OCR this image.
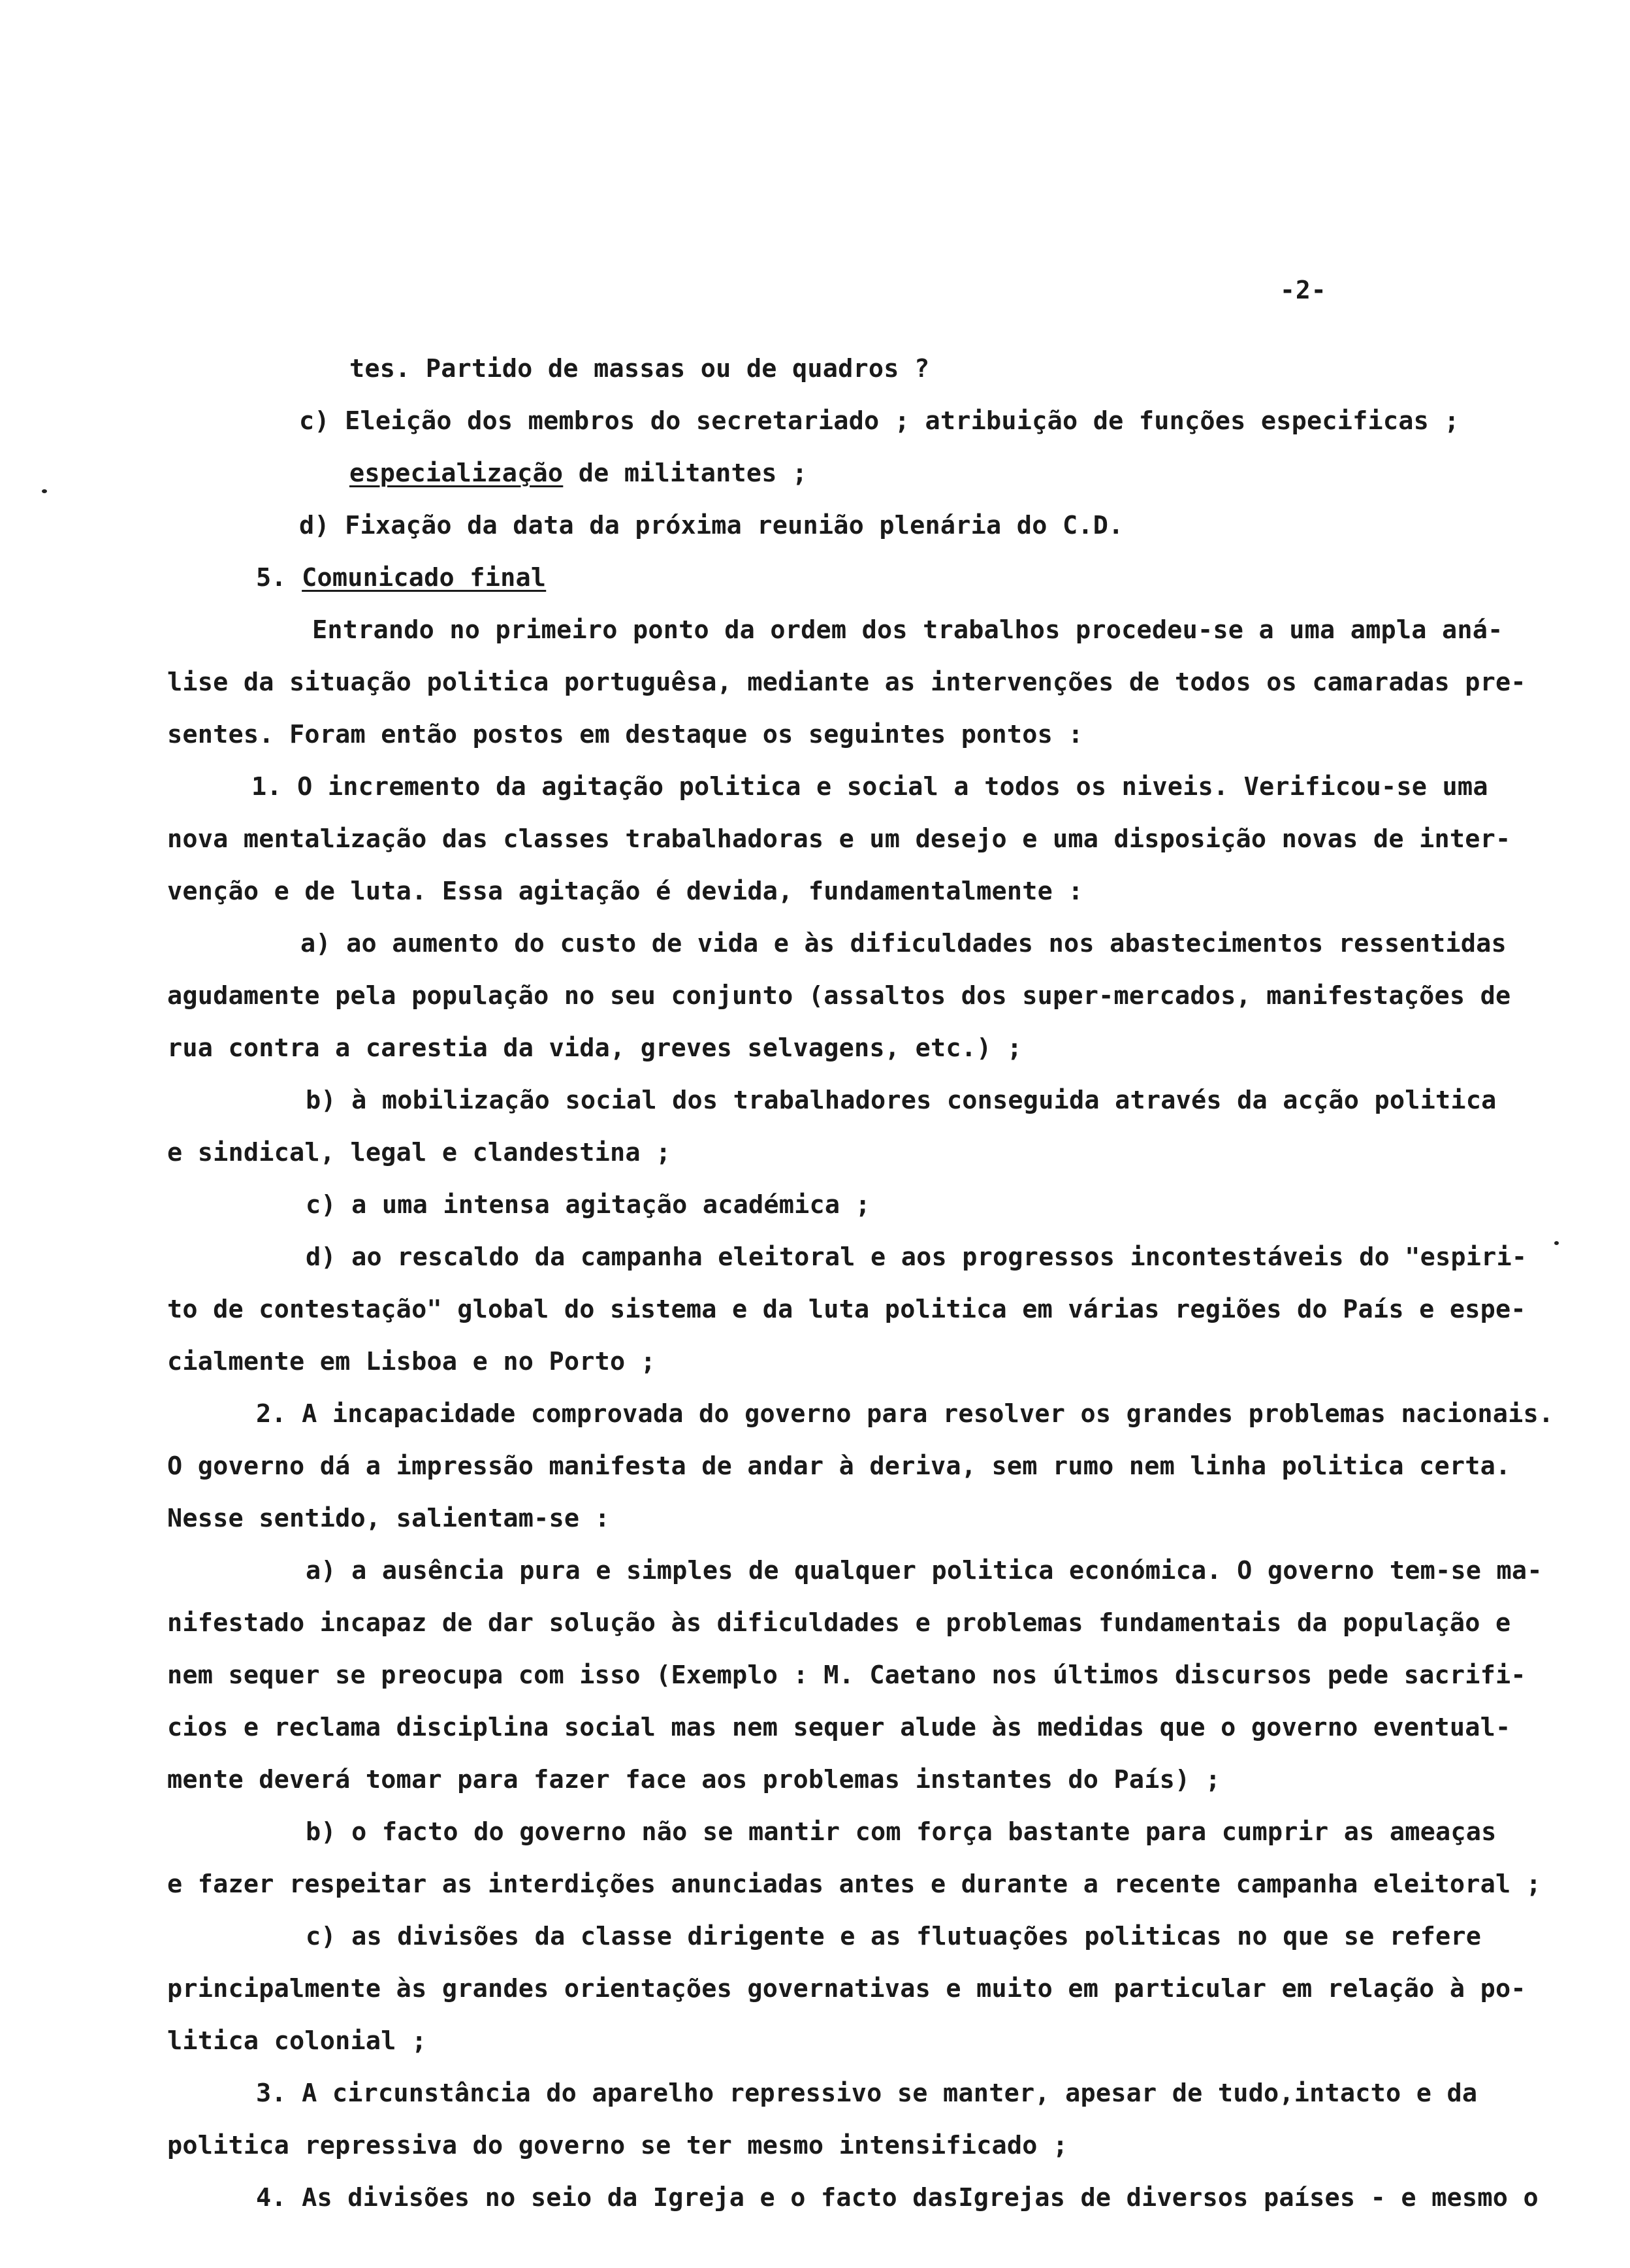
-2-
tes. Partido de massas ou de quadros ?
c) Eleição dos membros do secretariado ; atribuição de funções especificas ;
especialização de militantes ;
d) Fixação da data da próxima reunião plenária do C.D.
5. Comunicado final
Entrando no primeiro ponto da ordem dos trabalhos procedeu-se a uma ampla aná-
lise da situação politica portuguêsa, mediante as intervenções de todos os camaradas pre-
sentes. Foram então postos em destaque os seguintes pontos :
1. O incremento da agitação politica e social a todos os niveis. Verificou-se uma
nova mentalização das classes trabalhadoras e um desejo e uma disposição novas de inter-
venção e de luta. Essa agitação é devida, fundamentalmente :
a) ao aumento do custo de vida e às dificuldades nos abastecimentos ressentidas
agudamente pela população no seu conjunto (assaltos dos super-mercados, manifestações de
rua contra a carestia da vida, greves selvagens, etc.) ;
b) à mobilização social dos trabalhadores conseguida através da acção politica
e sindical, legal e clandestina ;
c) a uma intensa agitação académica ;
d) ao rescaldo da campanha eleitoral e aos progressos incontestáveis do "espiri-
to de contestação" global do sistema e da luta politica em várias regiões do País e espe-
cialmente em Lisboa e no Porto ;
2. A incapacidade comprovada do governo para resolver os grandes problemas nacionais.
O governo dá a impressão manifesta de andar à deriva, sem rumo nem linha politica certa.
Nesse sentido, salientam-se :
a) a ausência pura e simples de qualquer politica económica. O governo tem-se ma-
nifestado incapaz de dar solução às dificuldades e problemas fundamentais da população e
nem sequer se preocupa com isso (Exemplo : M. Caetano nos últimos discursos pede sacrifi-
cios e reclama disciplina social mas nem sequer alude às medidas que o governo eventual-
mente deverá tomar para fazer face aos problemas instantes do País) ;
b) o facto do governo não se mantir com força bastante para cumprir as ameaças
e fazer respeitar as interdições anunciadas antes e durante a recente campanha eleitoral ;
c) as divisões da classe dirigente e as flutuações politicas no que se refere
principalmente às grandes orientações governativas e muito em particular em relação à po-
litica colonial ;
3. A circunstância do aparelho repressivo se manter, apesar de tudo,intacto e da
politica repressiva do governo se ter mesmo intensificado ;
4. As divisões no seio da Igreja e o facto dasIgrejas de diversos países - e mesmo o
